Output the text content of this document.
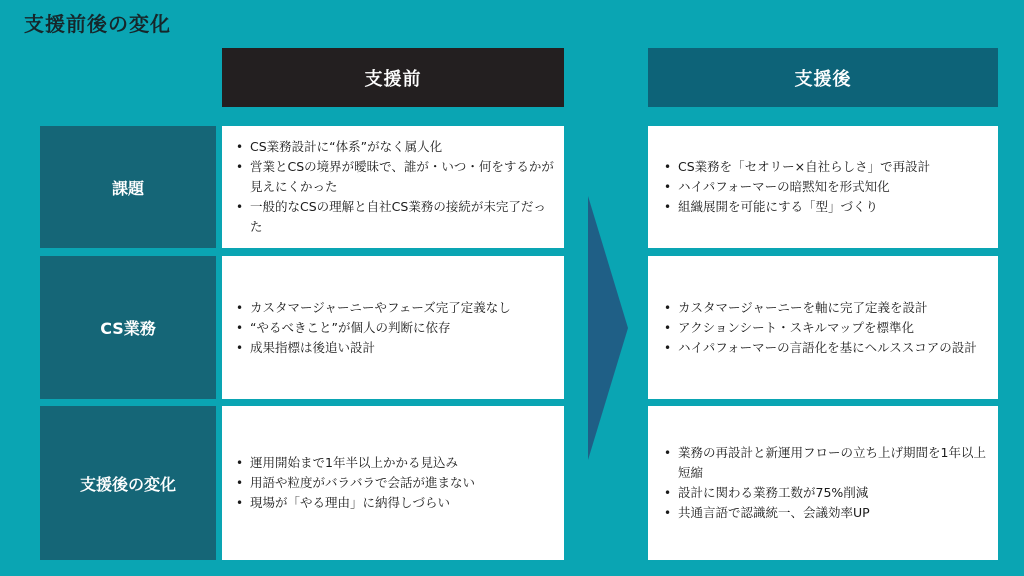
支援前後の変化
支援前	支援後
課題
• CS業務設計に“体系”がなく属人化
• 営業とCSの境界が曖昧で、誰が・いつ・何をするかが見えにくかった
• 一般的なCSの理解と自社CS業務の接続が未完了だった
• CS業務を「セオリー×自社らしさ」で再設計
• ハイパフォーマーの暗黙知を形式知化
• 組織展開を可能にする「型」づくり
CS業務
• カスタマージャーニーやフェーズ完了定義なし
• “やるべきこと”が個人の判断に依存
• 成果指標は後追い設計
• カスタマージャーニーを軸に完了定義を設計
• アクションシート・スキルマップを標準化
• ハイパフォーマーの言語化を基にヘルススコアの設計
支援後の変化
• 運用開始まで1年半以上かかる見込み
• 用語や粒度がバラバラで会話が進まない
• 現場が「やる理由」に納得しづらい
• 業務の再設計と新運用フローの立ち上げ期間を1年以上短縮
• 設計に関わる業務工数が75%削減
• 共通言語で認識統一、会議効率UP
